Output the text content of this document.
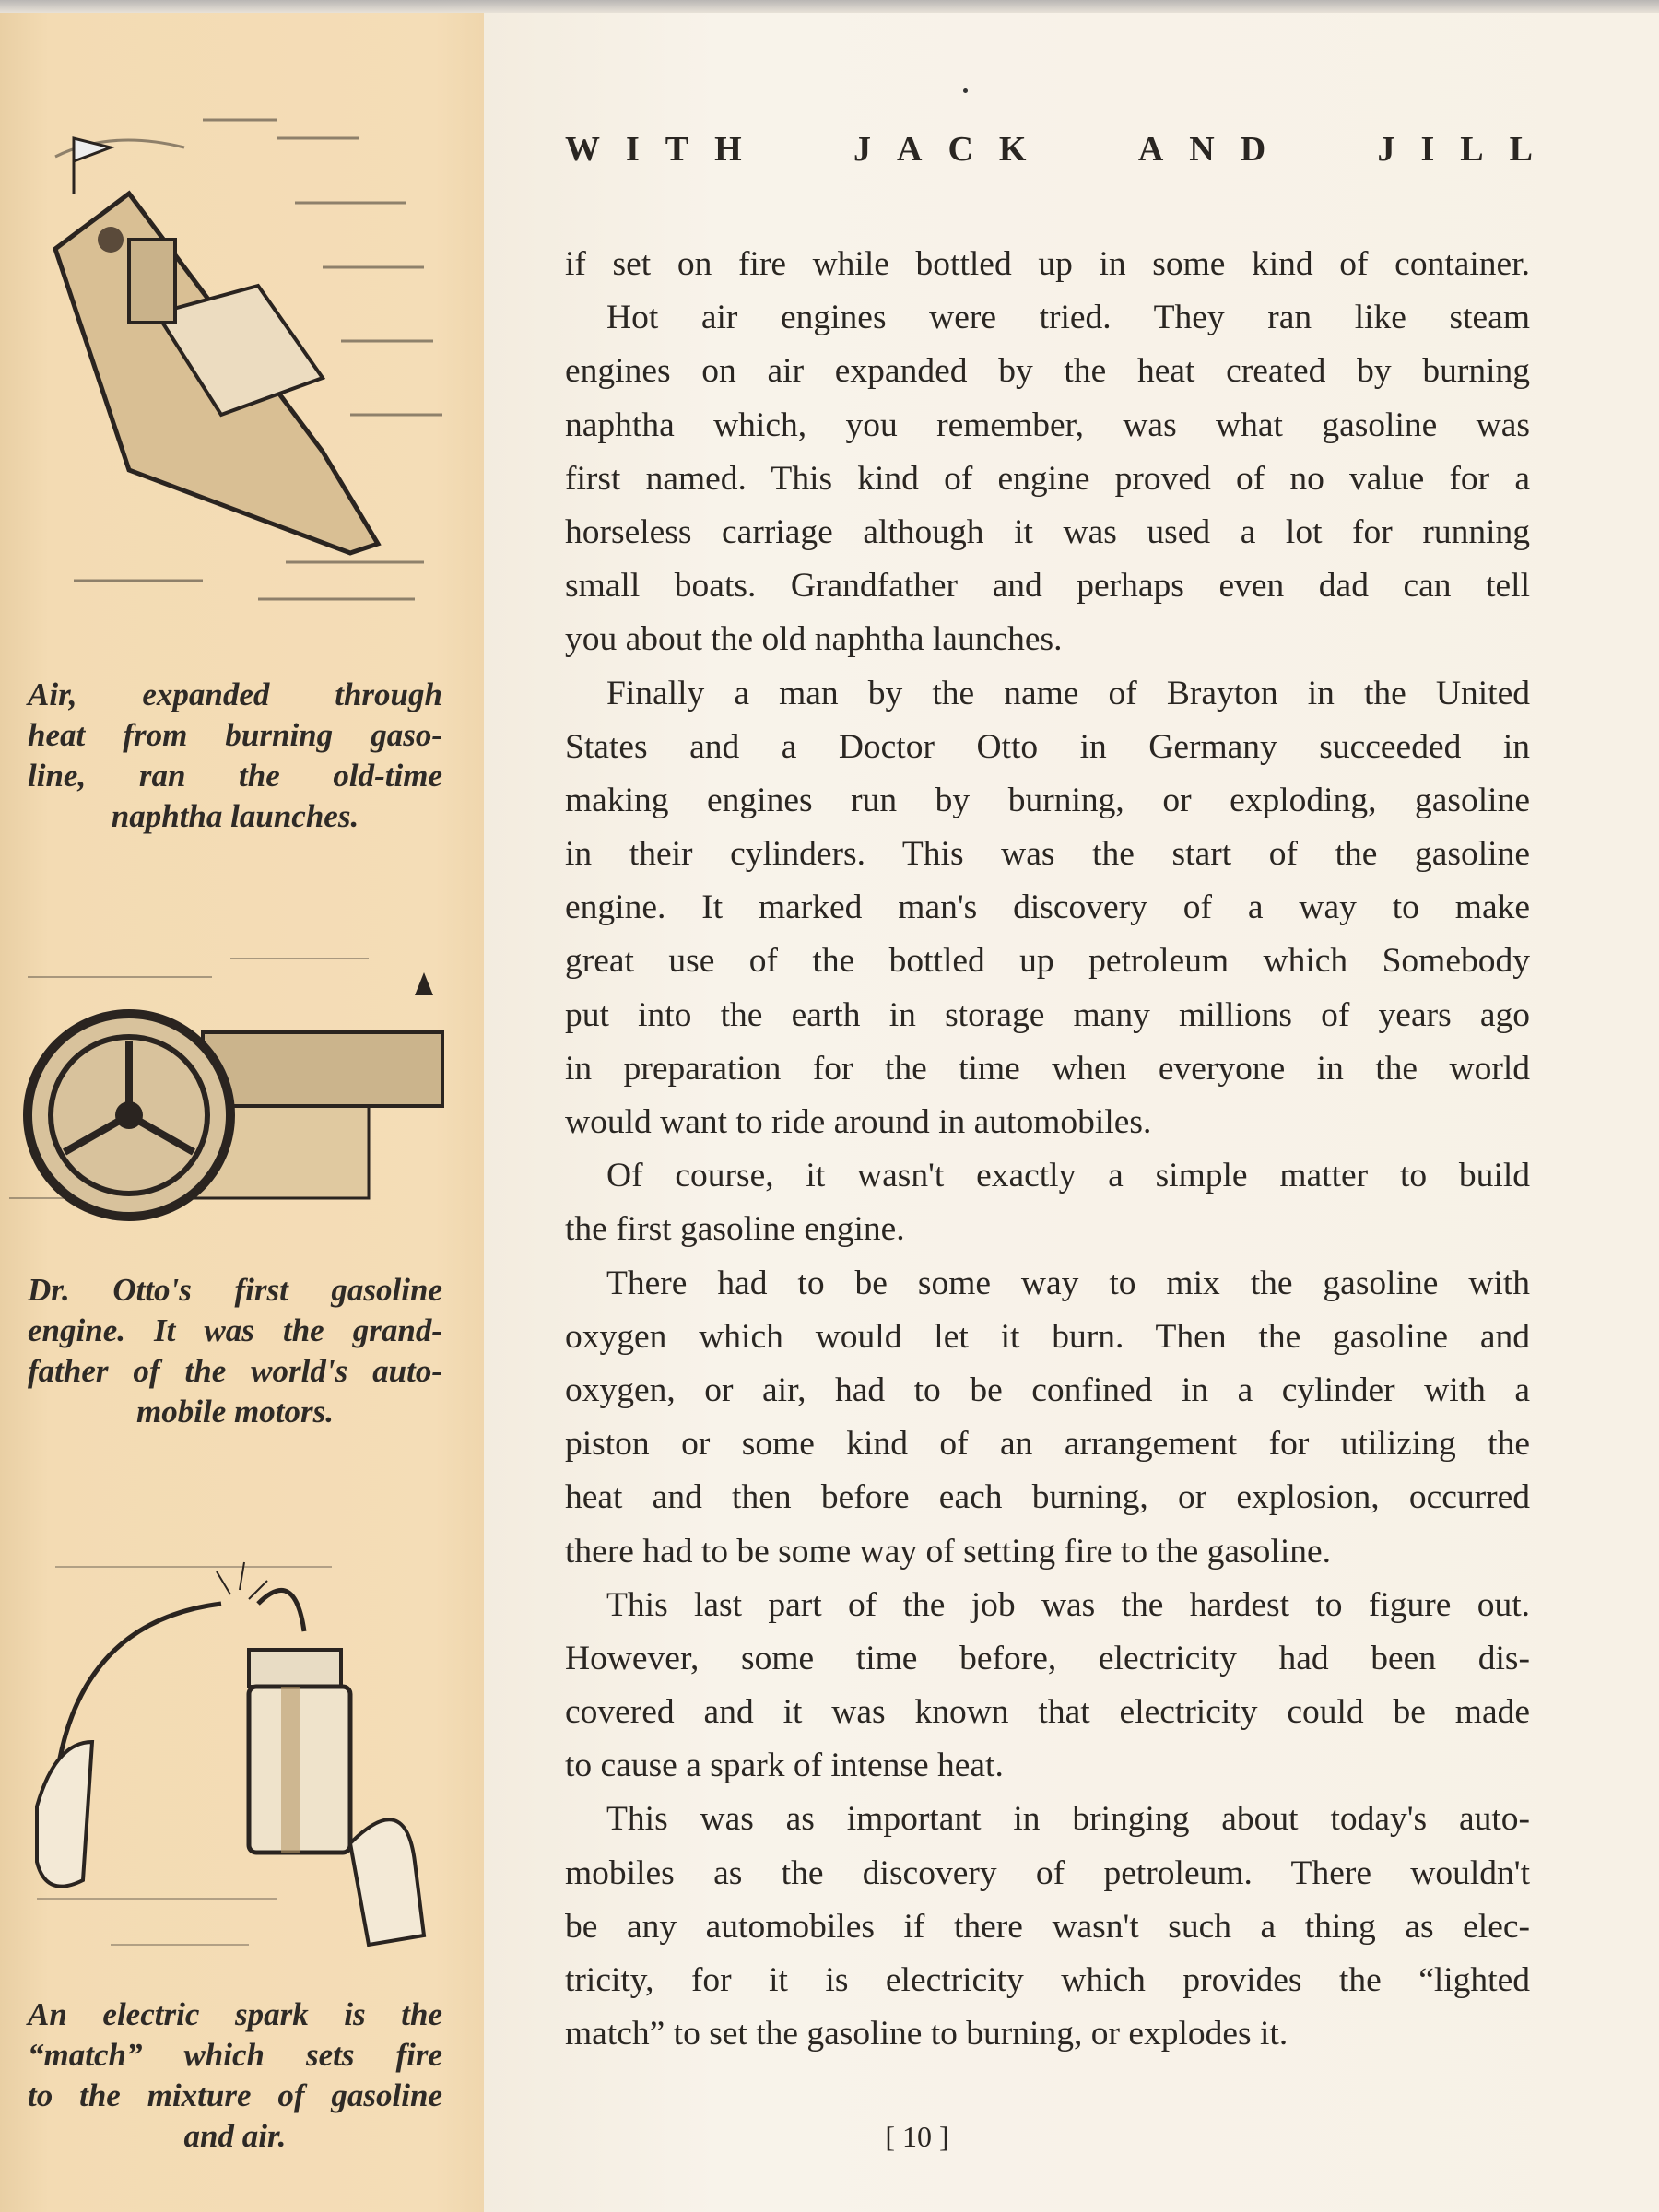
Air, expanded through
heat from burning gaso-
line, ran the old-time
naphtha launches.
Dr. Otto's first gasoline
engine. It was the grand-
father of the world's auto-
mobile motors.
An electric spark is the
“match” which sets fire
to the mixture of gasoline
and air.
WITH JACK AND JILL
if set on fire while bottled up in some kind of container.
Hot air engines were tried. They ran like steam
engines on air expanded by the heat created by burning
naphtha which, you remember, was what gasoline was
first named. This kind of engine proved of no value for a
horseless carriage although it was used a lot for running
small boats. Grandfather and perhaps even dad can tell
you about the old naphtha launches.
Finally a man by the name of Brayton in the United
States and a Doctor Otto in Germany succeeded in
making engines run by burning, or exploding, gasoline
in their cylinders. This was the start of the gasoline
engine. It marked man's discovery of a way to make
great use of the bottled up petroleum which Somebody
put into the earth in storage many millions of years ago
in preparation for the time when everyone in the world
would want to ride around in automobiles.
Of course, it wasn't exactly a simple matter to build
the first gasoline engine.
There had to be some way to mix the gasoline with
oxygen which would let it burn. Then the gasoline and
oxygen, or air, had to be confined in a cylinder with a
piston or some kind of an arrangement for utilizing the
heat and then before each burning, or explosion, occurred
there had to be some way of setting fire to the gasoline.
This last part of the job was the hardest to figure out.
However, some time before, electricity had been dis-
covered and it was known that electricity could be made
to cause a spark of intense heat.
This was as important in bringing about today's auto-
mobiles as the discovery of petroleum. There wouldn't
be any automobiles if there wasn't such a thing as elec-
tricity, for it is electricity which provides the “lighted
match” to set the gasoline to burning, or explodes it.
[ 10 ]
